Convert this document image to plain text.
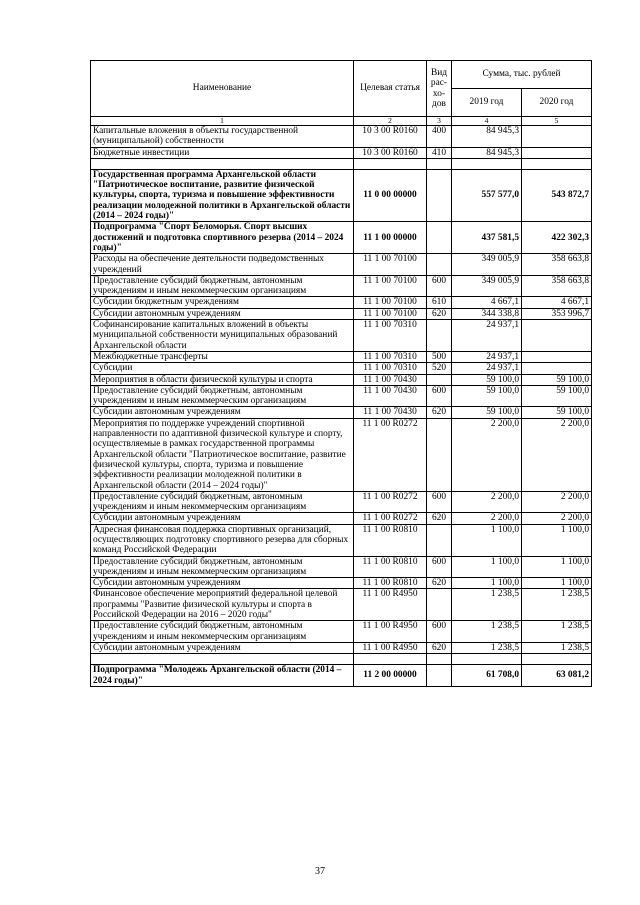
Наименование	Целевая статья	Вид рас-хо-дов	Сумма, тыс. рублей	
			2019 год	2020 год
1	2	3	4	5
Капитальные вложения в объекты государственной (муниципальной) собственности	10 3 00 R0160	400	84 945,3	
Бюджетные инвестиции	10 3 00 R0160	410	84 945,3	

Государственная программа Архангельской области "Патриотическое воспитание, развитие физической культуры, спорта, туризма и повышение эффективности реализации молодежной политики в Архангельской области (2014 – 2024 годы)"	11 0 00 00000		557 577,0	543 872,7
Подпрограмма "Спорт Беломорья. Спорт высших достижений и подготовка спортивного резерва (2014 – 2024 годы)"	11 1 00 00000		437 581,5	422 302,3
Расходы на обеспечение деятельности подведомственных учреждений	11 1 00 70100		349 005,9	358 663,8
Предоставление субсидий бюджетным, автономным учреждениям и иным некоммерческим организациям	11 1 00 70100	600	349 005,9	358 663,8
Субсидии бюджетным учреждениям	11 1 00 70100	610	4 667,1	4 667,1
Субсидии автономным учреждениям	11 1 00 70100	620	344 338,8	353 996,7
Софинансирование капитальных вложений в объекты муниципальной собственности муниципальных образований Архангельской области	11 1 00 70310		24 937,1	
Межбюджетные трансферты	11 1 00 70310	500	24 937,1	
Субсидии	11 1 00 70310	520	24 937,1	
Мероприятия в области физической культуры и спорта	11 1 00 70430		59 100,0	59 100,0
Предоставление субсидий бюджетным, автономным учреждениям и иным некоммерческим организациям	11 1 00 70430	600	59 100,0	59 100,0
Субсидии автономным учреждениям	11 1 00 70430	620	59 100,0	59 100,0
Мероприятия по поддержке учреждений спортивной направленности по адаптивной физической культуре и спорту, осуществляемые в рамках государственной программы Архангельской области "Патриотическое воспитание, развитие физической культуры, спорта, туризма и повышение эффективности реализации молодежной политики в Архангельской области (2014 – 2024 годы)"	11 1 00 R0272		2 200,0	2 200,0
Предоставление субсидий бюджетным, автономным учреждениям и иным некоммерческим организациям	11 1 00 R0272	600	2 200,0	2 200,0
Субсидии автономным учреждениям	11 1 00 R0272	620	2 200,0	2 200,0
Адресная финансовая поддержка спортивных организаций, осуществляющих подготовку спортивного резерва для сборных команд Российской Федерации	11 1 00 R0810		1 100,0	1 100,0
Предоставление субсидий бюджетным, автономным учреждениям и иным некоммерческим организациям	11 1 00 R0810	600	1 100,0	1 100,0
Субсидии автономным учреждениям	11 1 00 R0810	620	1 100,0	1 100,0
Финансовое обеспечение мероприятий федеральной целевой программы "Развитие физической культуры и спорта в Российской Федерации на 2016 – 2020 годы"	11 1 00 R4950		1 238,5	1 238,5
Предоставление субсидий бюджетным, автономным учреждениям и иным некоммерческим организациям	11 1 00 R4950	600	1 238,5	1 238,5
Субсидии автономным учреждениям	11 1 00 R4950	620	1 238,5	1 238,5

Подпрограмма "Молодежь Архангельской области (2014 – 2024 годы)"	11 2 00 00000		61 708,0	63 081,2
37
